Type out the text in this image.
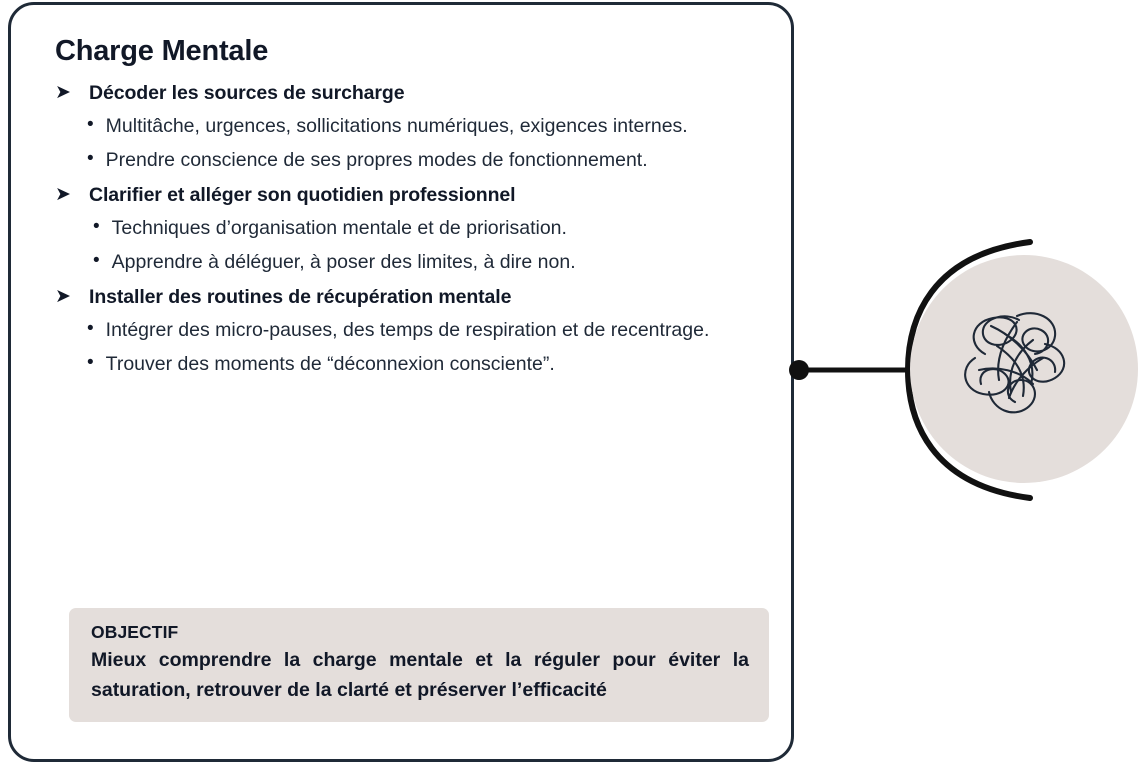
Charge Mentale
➤ Décoder les sources de surcharge
• Multitâche, urgences, sollicitations numériques, exigences internes.
• Prendre conscience de ses propres modes de fonctionnement.
➤ Clarifier et alléger son quotidien professionnel
• Techniques d’organisation mentale et de priorisation.
• Apprendre à déléguer, à poser des limites, à dire non.
➤ Installer des routines de récupération mentale
• Intégrer des micro-pauses, des temps de respiration et de recentrage.
• Trouver des moments de “déconnexion consciente”.
OBJECTIF
Mieux comprendre la charge mentale et la réguler pour éviter la saturation, retrouver de la clarté et préserver l’efficacité
